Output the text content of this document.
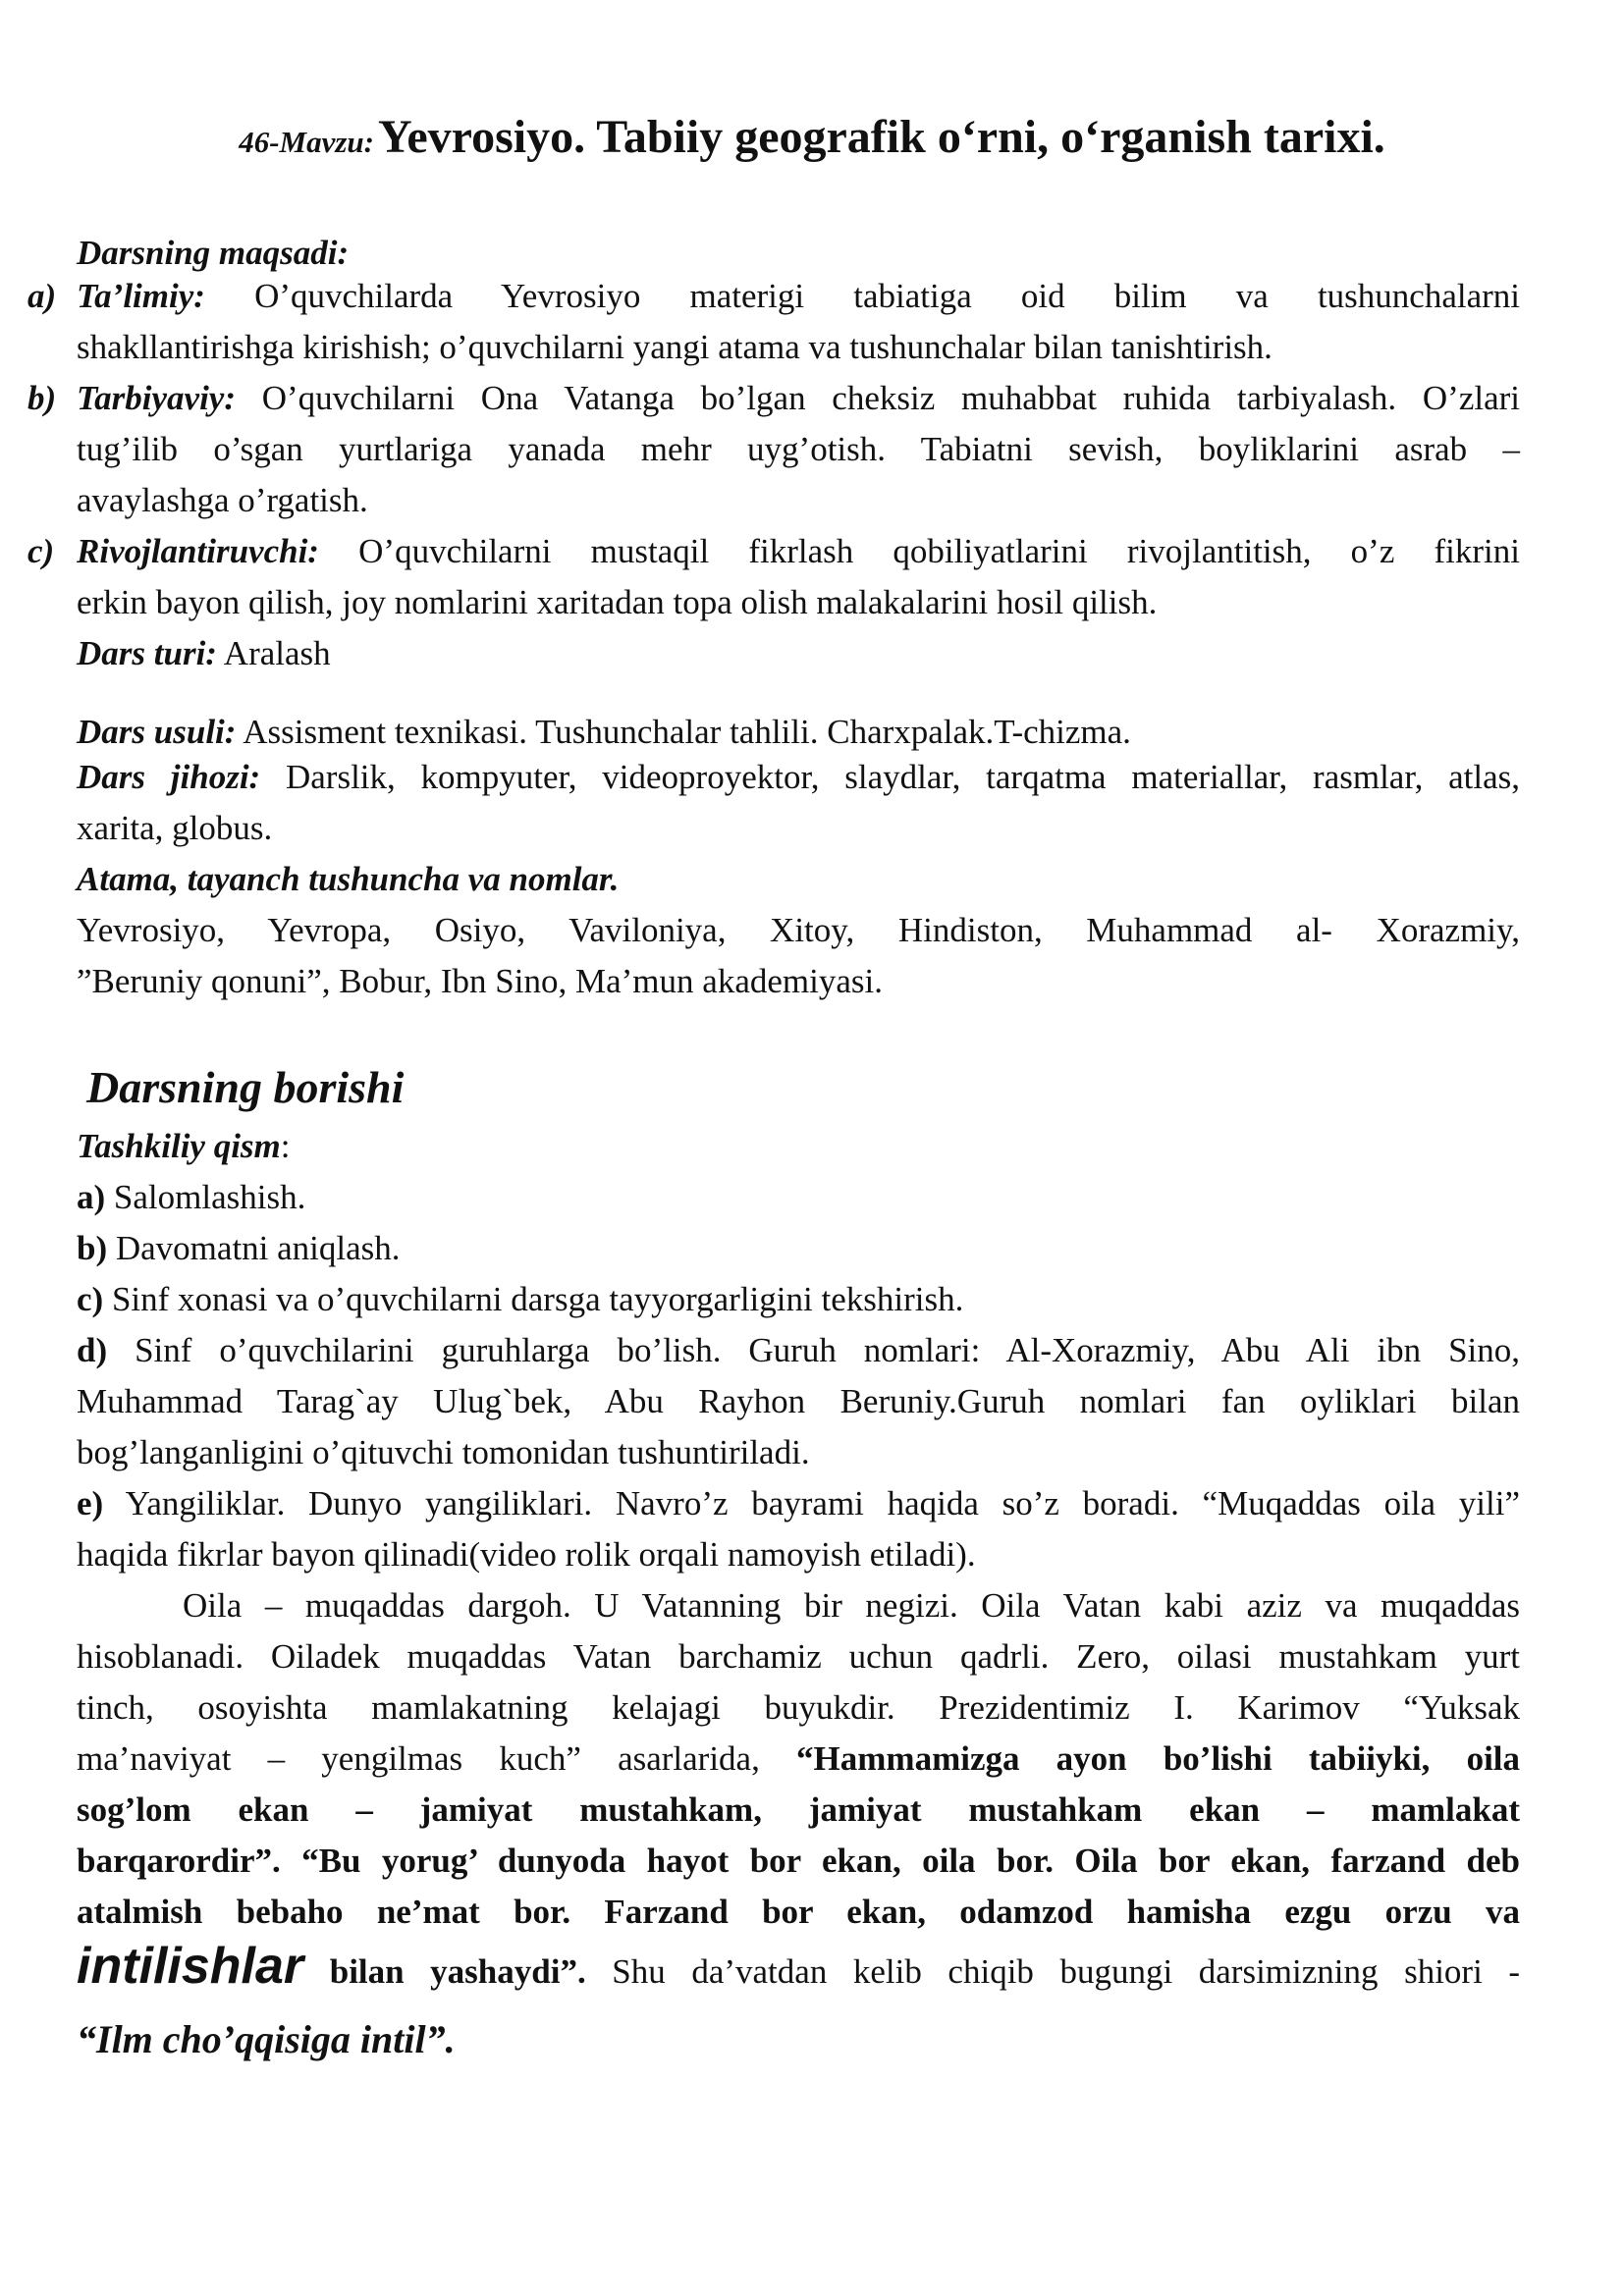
46-Mavzu: Yevrosiyo. Tabiiy geografik o‘rni, o‘rganish tarixi.
Darsning maqsadi:
a) Ta’limiy: O’quvchilarda Yevrosiyo materigi tabiatiga oid bilim va tushunchalarni
shakllantirishga kirishish; o’quvchilarni yangi atama va tushunchalar bilan tanishtirish.
b) Tarbiyaviy: O’quvchilarni Ona Vatanga bo’lgan cheksiz muhabbat ruhida tarbiyalash. O’zlari
tug’ilib o’sgan yurtlariga yanada mehr uyg’otish. Tabiatni sevish, boyliklarini asrab –
avaylashga o’rgatish.
c) Rivojlantiruvchi: O’quvchilarni mustaqil fikrlash qobiliyatlarini rivojlantitish, o’z fikrini
erkin bayon qilish, joy nomlarini xaritadan topa olish malakalarini hosil qilish.
Dars turi: Aralash
Dars usuli: Assisment texnikasi. Tushunchalar tahlili. Charxpalak.T-chizma.
Dars jihozi: Darslik, kompyuter, videoproyektor, slaydlar, tarqatma materiallar, rasmlar, atlas,
xarita, globus.
Atama, tayanch tushuncha va nomlar.
Yevrosiyo, Yevropa, Osiyo, Vaviloniya, Xitoy, Hindiston, Muhammad al- Xorazmiy,
”Beruniy qonuni”, Bobur, Ibn Sino, Ma’mun akademiyasi.
Darsning borishi
Tashkiliy qism:
a) Salomlashish.
b) Davomatni aniqlash.
c) Sinf xonasi va o’quvchilarni darsga tayyorgarligini tekshirish.
d) Sinf o’quvchilarini guruhlarga bo’lish. Guruh nomlari: Al-Xorazmiy, Abu Ali ibn Sino,
Muhammad Tarag`ay Ulug`bek, Abu Rayhon Beruniy.Guruh nomlari fan oyliklari bilan
bog’langanligini o’qituvchi tomonidan tushuntiriladi.
e) Yangiliklar. Dunyo yangiliklari. Navro’z bayrami haqida so’z boradi. “Muqaddas oila yili”
haqida fikrlar bayon qilinadi(video rolik orqali namoyish etiladi).
Oila – muqaddas dargoh. U Vatanning bir negizi. Oila Vatan kabi aziz va muqaddas
hisoblanadi. Oiladek muqaddas Vatan barchamiz uchun qadrli. Zero, oilasi mustahkam yurt
tinch, osoyishta mamlakatning kelajagi buyukdir. Prezidentimiz I. Karimov “Yuksak
ma’naviyat – yengilmas kuch” asarlarida, “Hammamizga ayon bo’lishi tabiiyki, oila
sog’lom ekan – jamiyat mustahkam, jamiyat mustahkam ekan – mamlakat
barqarordir”. “Bu yorug’ dunyoda hayot bor ekan, oila bor. Oila bor ekan, farzand deb
atalmish bebaho ne’mat bor. Farzand bor ekan, odamzod hamisha ezgu orzu va
intilishlar bilan yashaydi”. Shu da’vatdan kelib chiqib bugungi darsimizning shiori -
“Ilm cho’qqisiga intil”.
